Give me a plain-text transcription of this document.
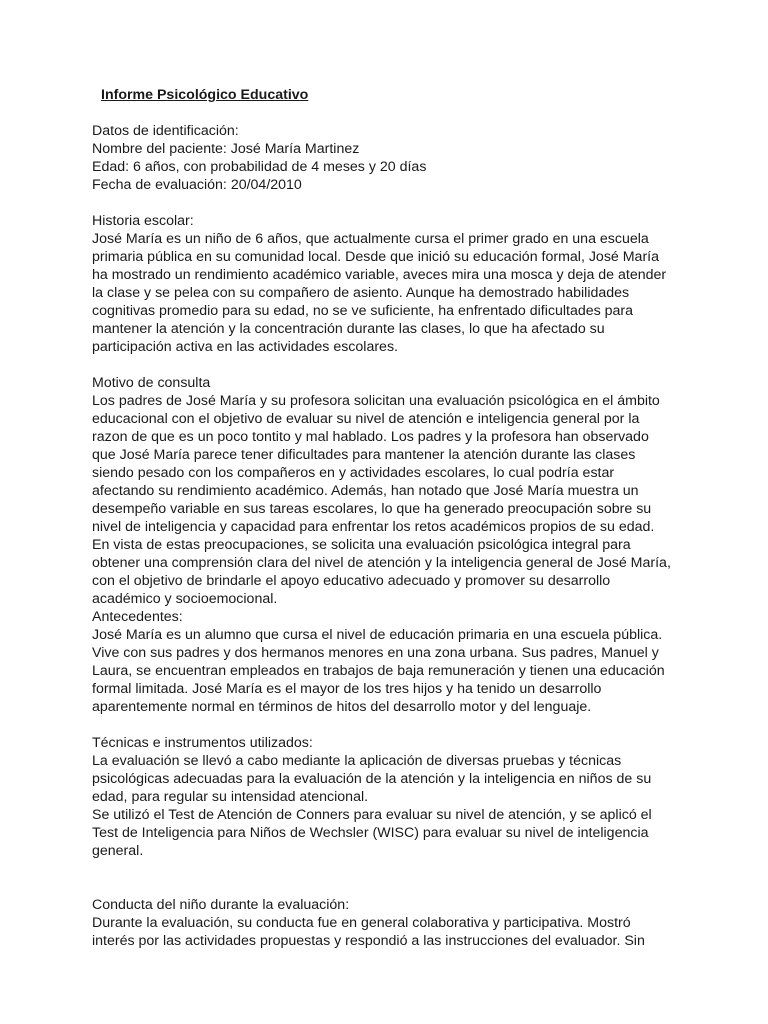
Informe Psicológico Educativo
Datos de identificación:
Nombre del paciente: José María Martinez
Edad: 6 años, con probabilidad de 4 meses y 20 días
Fecha de evaluación: 20/04/2010
Historia escolar:
José María es un niño de 6 años, que actualmente cursa el primer grado en una escuela
primaria pública en su comunidad local. Desde que inició su educación formal, José María
ha mostrado un rendimiento académico variable, aveces mira una mosca y deja de atender
la clase y se pelea con su compañero de asiento. Aunque ha demostrado habilidades
cognitivas promedio para su edad, no se ve suficiente, ha enfrentado dificultades para
mantener la atención y la concentración durante las clases, lo que ha afectado su
participación activa en las actividades escolares.
Motivo de consulta
Los padres de José María y su profesora solicitan una evaluación psicológica en el ámbito
educacional con el objetivo de evaluar su nivel de atención e inteligencia general por la
razon de que es un poco tontito y mal hablado. Los padres y la profesora han observado
que José María parece tener dificultades para mantener la atención durante las clases
siendo pesado con los compañeros en y actividades escolares, lo cual podría estar
afectando su rendimiento académico. Además, han notado que José María muestra un
desempeño variable en sus tareas escolares, lo que ha generado preocupación sobre su
nivel de inteligencia y capacidad para enfrentar los retos académicos propios de su edad.
En vista de estas preocupaciones, se solicita una evaluación psicológica integral para
obtener una comprensión clara del nivel de atención y la inteligencia general de José María,
con el objetivo de brindarle el apoyo educativo adecuado y promover su desarrollo
académico y socioemocional.
Antecedentes:
José María es un alumno que cursa el nivel de educación primaria en una escuela pública.
Vive con sus padres y dos hermanos menores en una zona urbana. Sus padres, Manuel y
Laura, se encuentran empleados en trabajos de baja remuneración y tienen una educación
formal limitada. José María es el mayor de los tres hijos y ha tenido un desarrollo
aparentemente normal en términos de hitos del desarrollo motor y del lenguaje.
Técnicas e instrumentos utilizados:
La evaluación se llevó a cabo mediante la aplicación de diversas pruebas y técnicas
psicológicas adecuadas para la evaluación de la atención y la inteligencia en niños de su
edad, para regular su intensidad atencional.
Se utilizó el Test de Atención de Conners para evaluar su nivel de atención, y se aplicó el
Test de Inteligencia para Niños de Wechsler (WISC) para evaluar su nivel de inteligencia
general.
Conducta del niño durante la evaluación:
Durante la evaluación, su conducta fue en general colaborativa y participativa. Mostró
interés por las actividades propuestas y respondió a las instrucciones del evaluador. Sin
